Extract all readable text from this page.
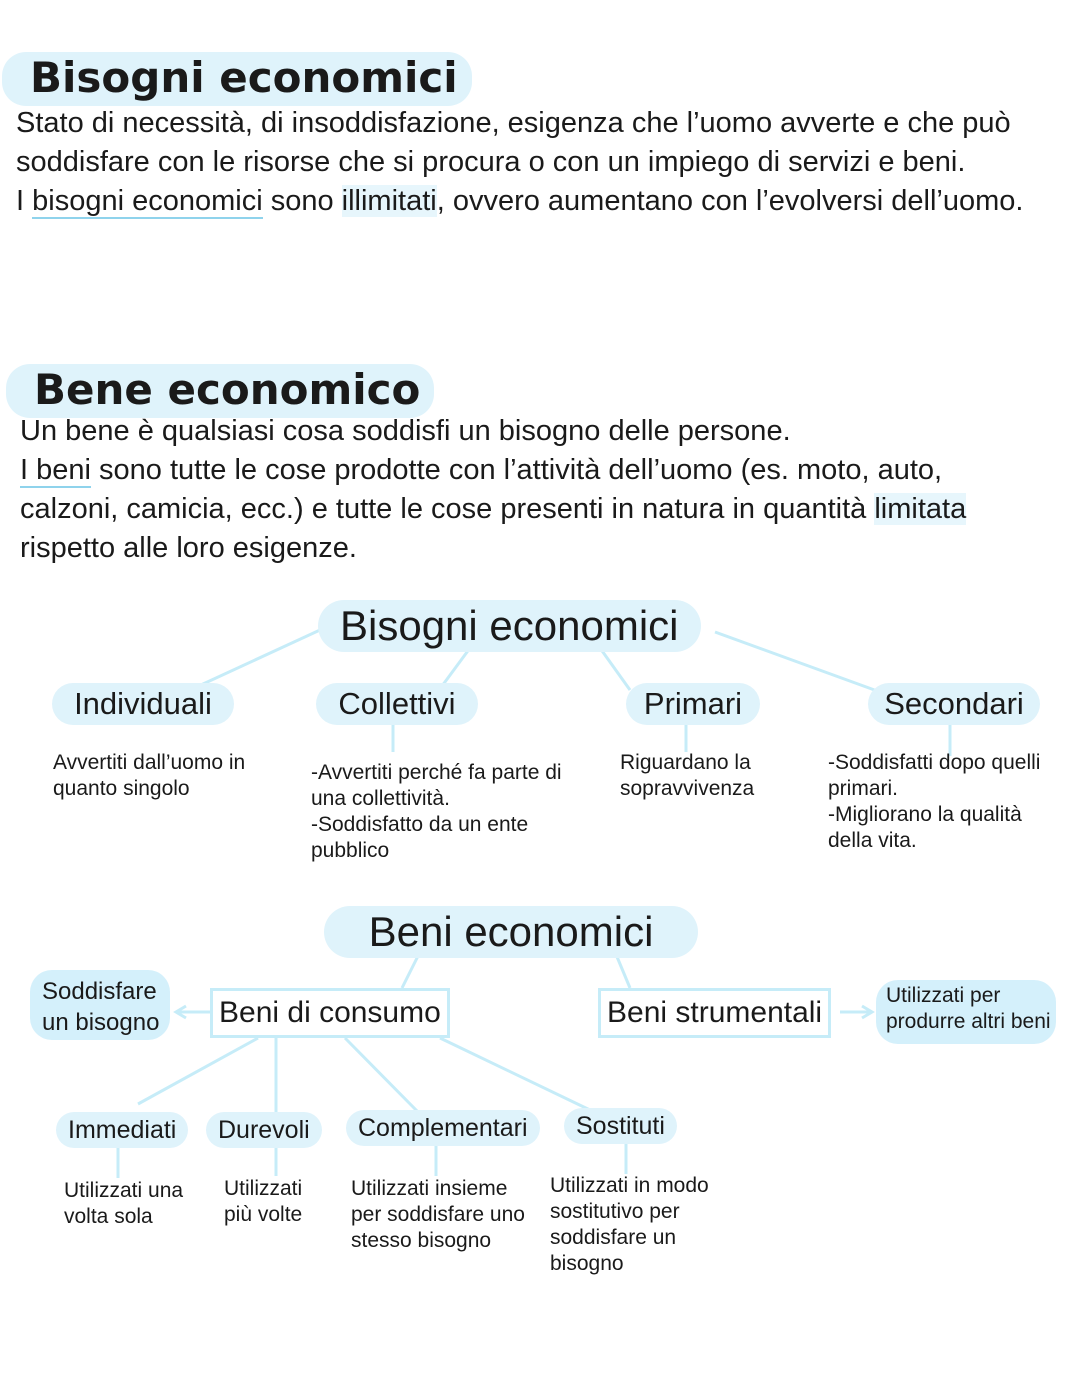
Bisogni economici

Stato di necessità, di insoddisfazione, esigenza che l’uomo avverte e che può soddisfare con le risorse che si procura o con un impiego di servizi e beni.

I bisogni economici sono illimitati, ovvero aumentano con l’evolversi dell’uomo.

Bene economico

Un bene è qualsiasi cosa soddisfi un bisogno delle persone.

I beni sono tutte le cose prodotte con l’attività dell’uomo (es. moto, auto, calzoni, camicia, ecc.) e tutte le cose presenti in natura in quantità limitata rispetto alle loro esigenze.

Bisogni economici
Individuali
Avvertiti dall’uomo in quanto singolo
Collettivi
-Avvertiti perché fa parte di una collettività.
-Soddisfatto da un ente pubblico
Primari
Riguardano la sopravvivenza
Secondari
-Soddisfatti dopo quelli primari.
-Migliorano la qualità della vita.
Beni economici
Soddisfare un bisogno	Beni di consumo	Beni strumentali
Utilizzati per produrre altri beni
Immediati
Utilizzati una volta sola
Durevoli
Utilizzati più volte
Complementari
Utilizzati insieme per soddisfare uno stesso bisogno
Sostituti
Utilizzati in modo sostitutivo per soddisfare un bisogno
